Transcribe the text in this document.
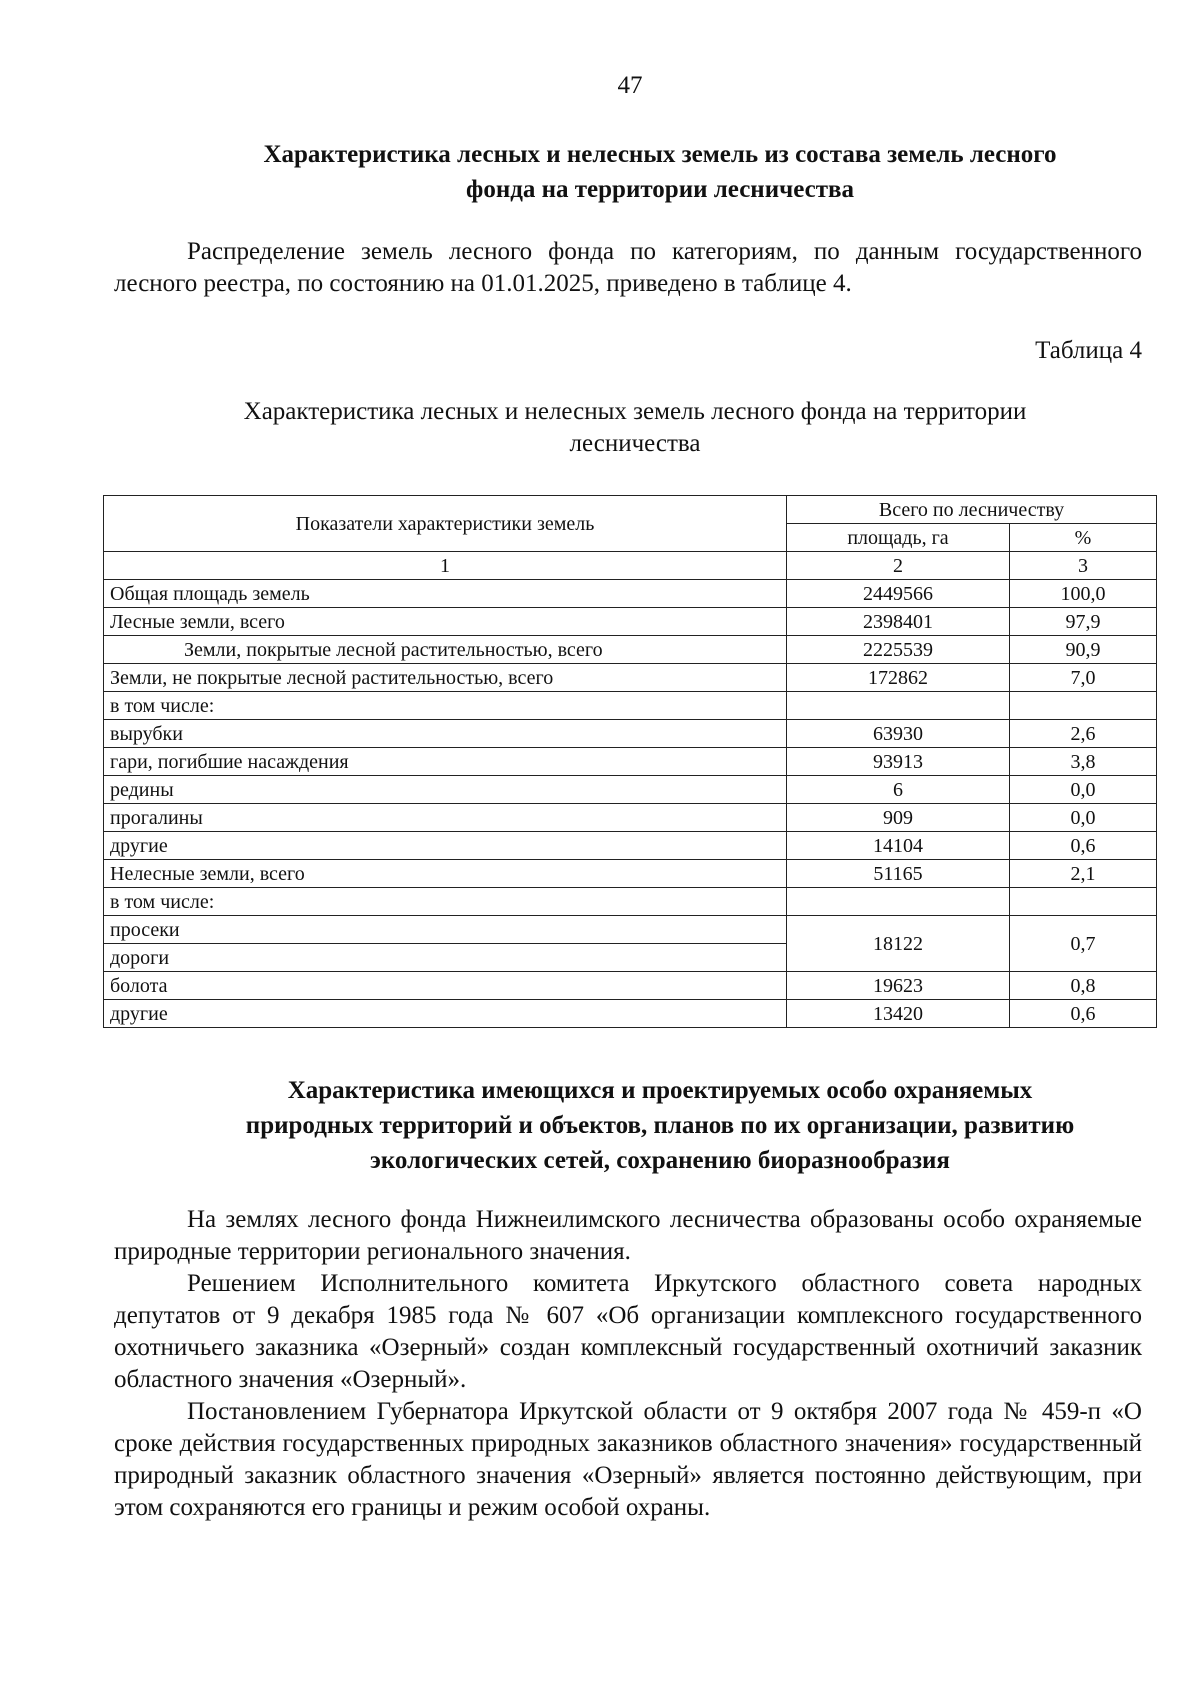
47
Характеристика лесных и нелесных земель из состава земель лесного
фонда на территории лесничества

Распределение земель лесного фонда по категориям, по данным государственного лесного реестра, по состоянию на 01.01.2025, приведено в таблице 4.

Таблица 4
Характеристика лесных и нелесных земель лесного фонда на территории
лесничества
Показатели характеристики земель	Всего по лесничеству	
	площадь, га	%
1	2	3
Общая площадь земель	2449566	100,0
Лесные земли, всего	2398401	97,9
Земли, покрытые лесной растительностью, всего	2225539	90,9
Земли, не покрытые лесной растительностью, всего	172862	7,0
в том числе:		
вырубки	63930	2,6
гари, погибшие насаждения	93913	3,8
редины	6	0,0
прогалины	909	0,0
другие	14104	0,6
Нелесные земли, всего	51165	2,1
в том числе:		
просеки	18122	0,7
дороги		
болота	19623	0,8
другие	13420	0,6
Характеристика имеющихся и проектируемых особо охраняемых
природных территорий и объектов, планов по их организации, развитию
экологических сетей, сохранению биоразнообразия

На землях лесного фонда Нижнеилимского лесничества образованы особо охраняемые природные территории регионального значения.

Решением Исполнительного комитета Иркутского областного совета народных депутатов от 9 декабря 1985 года № 607 «Об организации комплексного государственного охотничьего заказника «Озерный» создан комплексный государственный охотничий заказник областного значения «Озерный».

Постановлением Губернатора Иркутской области от 9 октября 2007 года № 459-п «О сроке действия государственных природных заказников областного значения» государственный природный заказник областного значения «Озерный» является постоянно действующим, при этом сохраняются его границы и режим особой охраны.
